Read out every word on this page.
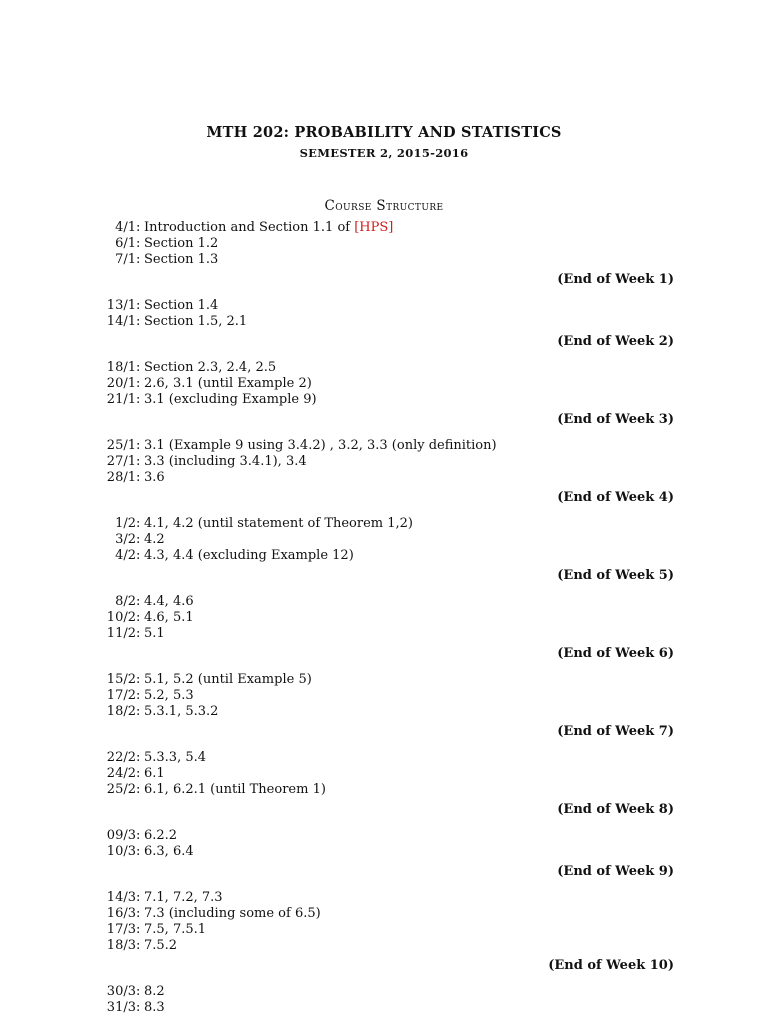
MTH 202: PROBABILITY AND STATISTICS
SEMESTER 2, 2015-2016
Course Structure
4/1: Introduction and Section 1.1 of [HPS]
6/1: Section 1.2
7/1: Section 1.3
(End of Week 1)
13/1: Section 1.4
14/1: Section 1.5, 2.1
(End of Week 2)
18/1: Section 2.3, 2.4, 2.5
20/1: 2.6, 3.1 (until Example 2)
21/1: 3.1 (excluding Example 9)
(End of Week 3)
25/1: 3.1 (Example 9 using 3.4.2) , 3.2, 3.3 (only definition)
27/1: 3.3 (including 3.4.1), 3.4
28/1: 3.6
(End of Week 4)
1/2: 4.1, 4.2 (until statement of Theorem 1,2)
3/2: 4.2
4/2: 4.3, 4.4 (excluding Example 12)
(End of Week 5)
8/2: 4.4, 4.6
10/2: 4.6, 5.1
11/2: 5.1
(End of Week 6)
15/2: 5.1, 5.2 (until Example 5)
17/2: 5.2, 5.3
18/2: 5.3.1, 5.3.2
(End of Week 7)
22/2: 5.3.3, 5.4
24/2: 6.1
25/2: 6.1, 6.2.1 (until Theorem 1)
(End of Week 8)
09/3: 6.2.2
10/3: 6.3, 6.4
(End of Week 9)
14/3: 7.1, 7.2, 7.3
16/3: 7.3 (including some of 6.5)
17/3: 7.5, 7.5.1
18/3: 7.5.2
(End of Week 10)
30/3: 8.2
31/3: 8.3
